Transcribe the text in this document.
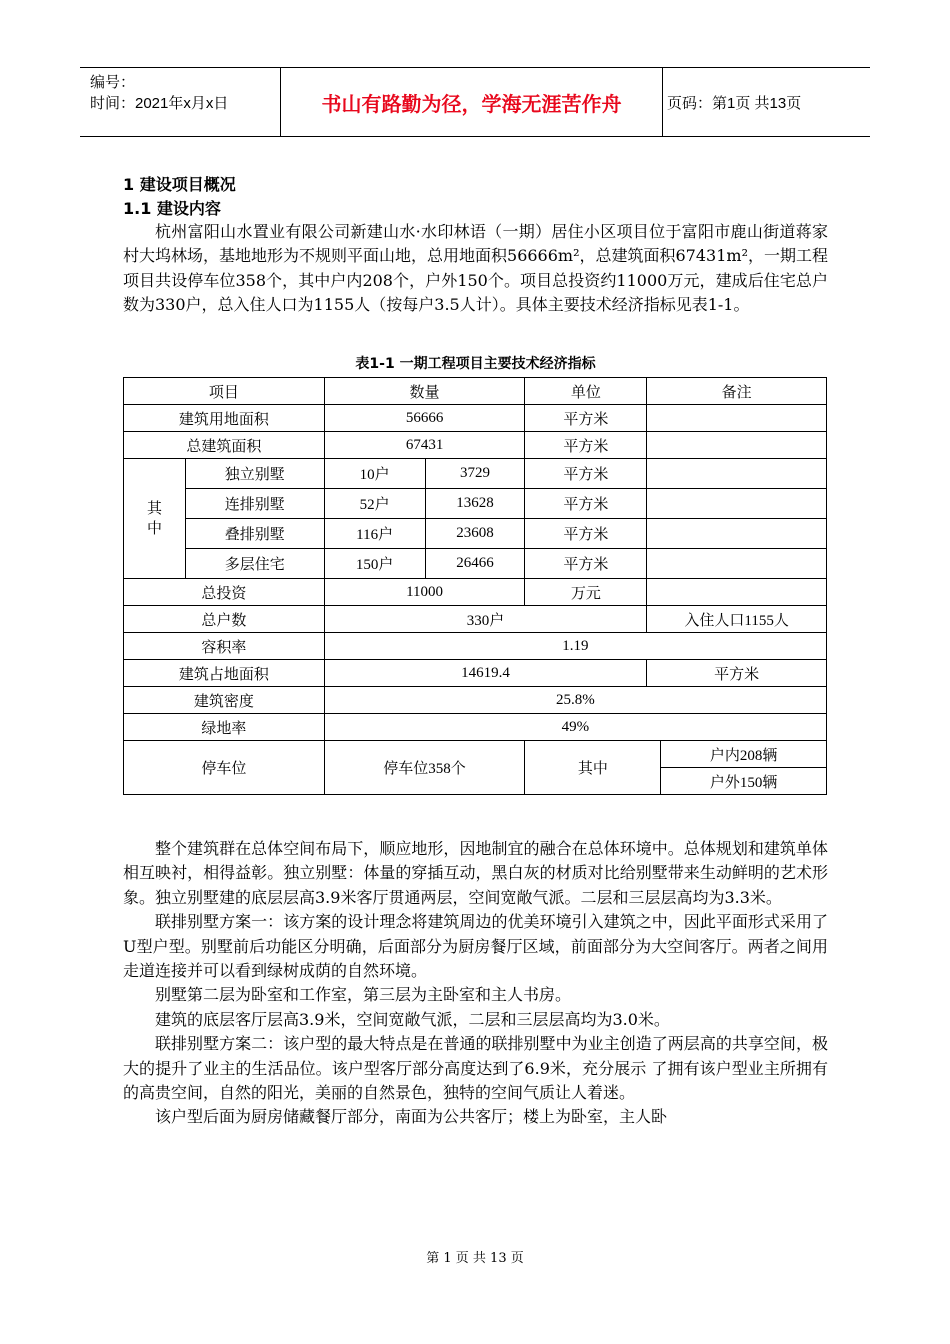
编号：
时间：2021年x月x日	书山有路勤为径，学海无涯苦作舟	页码：第1页 共13页
1 建设项目概况
1.1 建设内容

杭州富阳山水置业有限公司新建山水·水印林语（一期）居住小区项目位于富阳市鹿山街道蒋家村大坞林场，基地地形为不规则平面山地，总用地面积56666m²，总建筑面积67431m²，一期工程项目共设停车位358个，其中户内208个，户外150个。项目总投资约11000万元，建成后住宅总户数为330户，总入住人口为1155人（按每户3.5人计）。具体主要技术经济指标见表1-1。

表1-1 一期工程项目主要技术经济指标
项目		数量		单位	备注	
建筑用地面积		56666		平方米		
总建筑面积		67431		平方米		
其中	独立别墅	10户	3729	平方米		
	连排别墅	52户	13628	平方米		
	叠排别墅	116户	23608	平方米		
	多层住宅	150户	26466	平方米		
总投资		11000		万元		
总户数		330户			入住人口1155人	
容积率		1.19				
建筑占地面积		14619.4			平方米	
建筑密度		25.8%				
绿地率		49%				
停车位		停车位358个		其中		户内208辆
						户外150辆

整个建筑群在总体空间布局下，顺应地形，因地制宜的融合在总体环境中。总体规划和建筑单体相互映衬，相得益彰。独立别墅：体量的穿插互动，黑白灰的材质对比给别墅带来生动鲜明的艺术形象。独立别墅建的底层层高3.9米客厅贯通两层，空间宽敞气派。二层和三层层高均为3.3米。

联排别墅方案一：该方案的设计理念将建筑周边的优美环境引入建筑之中，因此平面形式采用了U型户型。别墅前后功能区分明确，后面部分为厨房餐厅区域，前面部分为大空间客厅。两者之间用走道连接并可以看到绿树成荫的自然环境。

别墅第二层为卧室和工作室，第三层为主卧室和主人书房。

建筑的底层客厅层高3.9米，空间宽敞气派，二层和三层层高均为3.0米。

联排别墅方案二：该户型的最大特点是在普通的联排别墅中为业主创造了两层高的共享空间，极大的提升了业主的生活品位。该户型客厅部分高度达到了6.9米，充分展示 了拥有该户型业主所拥有的高贵空间，自然的阳光，美丽的自然景色，独特的空间气质让人着迷。

该户型后面为厨房储藏餐厅部分，南面为公共客厅；楼上为卧室，主人卧

第 1 页 共 13 页
